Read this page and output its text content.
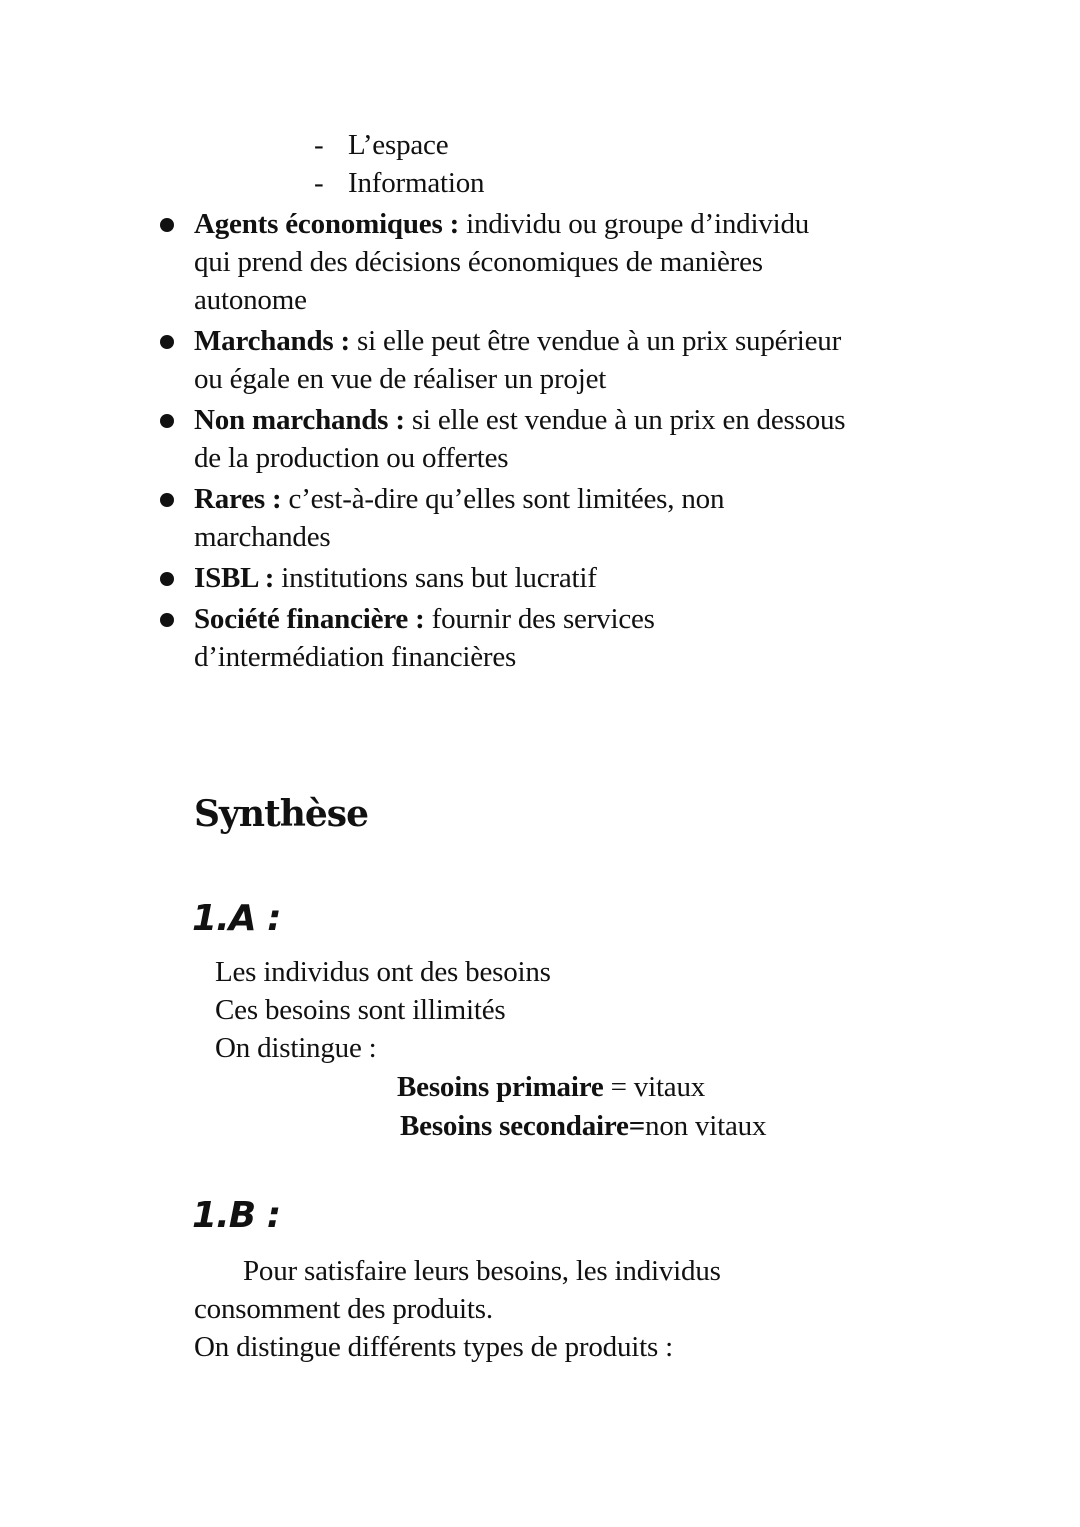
- L’espace
- Information
Agents économiques : individu ou groupe d’individu
qui prend des décisions économiques de manières
autonome
Marchands : si elle peut être vendue à un prix supérieur
ou égale en vue de réaliser un projet
Non marchands : si elle est vendue à un prix en dessous
de la production ou offertes
Rares : c’est-à-dire qu’elles sont limitées, non
marchandes
ISBL : institutions sans but lucratif
Société financière : fournir des services
d’intermédiation financières
Synthèse
1.A :
Les individus ont des besoins
Ces besoins sont illimités
On distingue :
Besoins primaire = vitaux
Besoins secondaire=non vitaux
1.B :
Pour satisfaire leurs besoins, les individus
consomment des produits.
On distingue différents types de produits :
